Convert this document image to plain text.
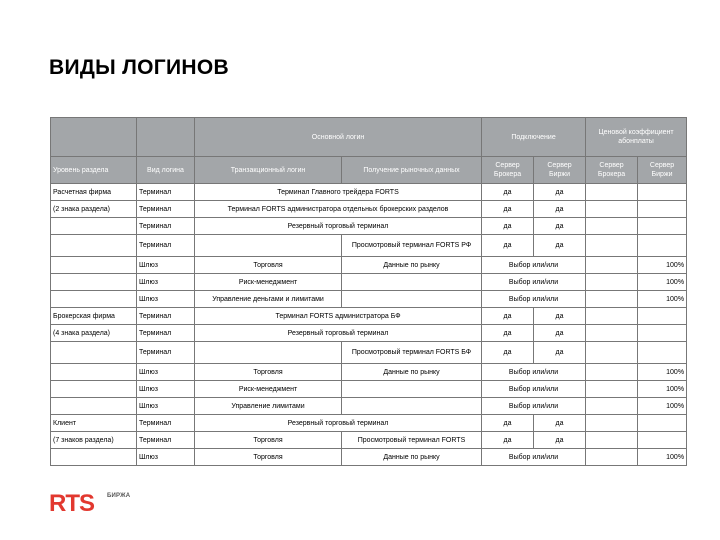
ВИДЫ ЛОГИНОВ
		Основной логин		Подключение		Ценовой коэффициент абонплаты	
Уровень раздела	Вид логина	Транзакционный логин	Получение рыночных данных	Сервер Брокера	Сервер Биржи	Сервер Брокера	Сервер Биржи
Расчетная фирма	Терминал	Терминал Главного трейдера FORTS		да	да		
(2 знака раздела)	Терминал	Терминал FORTS администратора отдельных брокерских разделов		да	да		
	Терминал	Резервный торговый терминал		да	да		
	Терминал		Просмотровый терминал FORTS РФ	да	да		
	Шлюз	Торговля	Данные по рынку	Выбор или/или			100%
	Шлюз	Риск-менеджмент		Выбор или/или			100%
	Шлюз	Управление деньгами и лимитами		Выбор или/или			100%
Брокерская фирма	Терминал	Терминал FORTS администратора БФ		да	да		
(4 знака раздела)	Терминал	Резервный торговый терминал		да	да		
	Терминал		Просмотровый терминал FORTS БФ	да	да		
	Шлюз	Торговля	Данные по рынку	Выбор или/или			100%
	Шлюз	Риск-менеджмент		Выбор или/или			100%
	Шлюз	Управление лимитами		Выбор или/или			100%
Клиент	Терминал	Резервный торговый терминал		да	да		
(7 знаков раздела)	Терминал	Торговля	Просмотровый терминал FORTS	да	да		
	Шлюз	Торговля	Данные по рынку	Выбор или/или			100%
RTS БИРЖА
